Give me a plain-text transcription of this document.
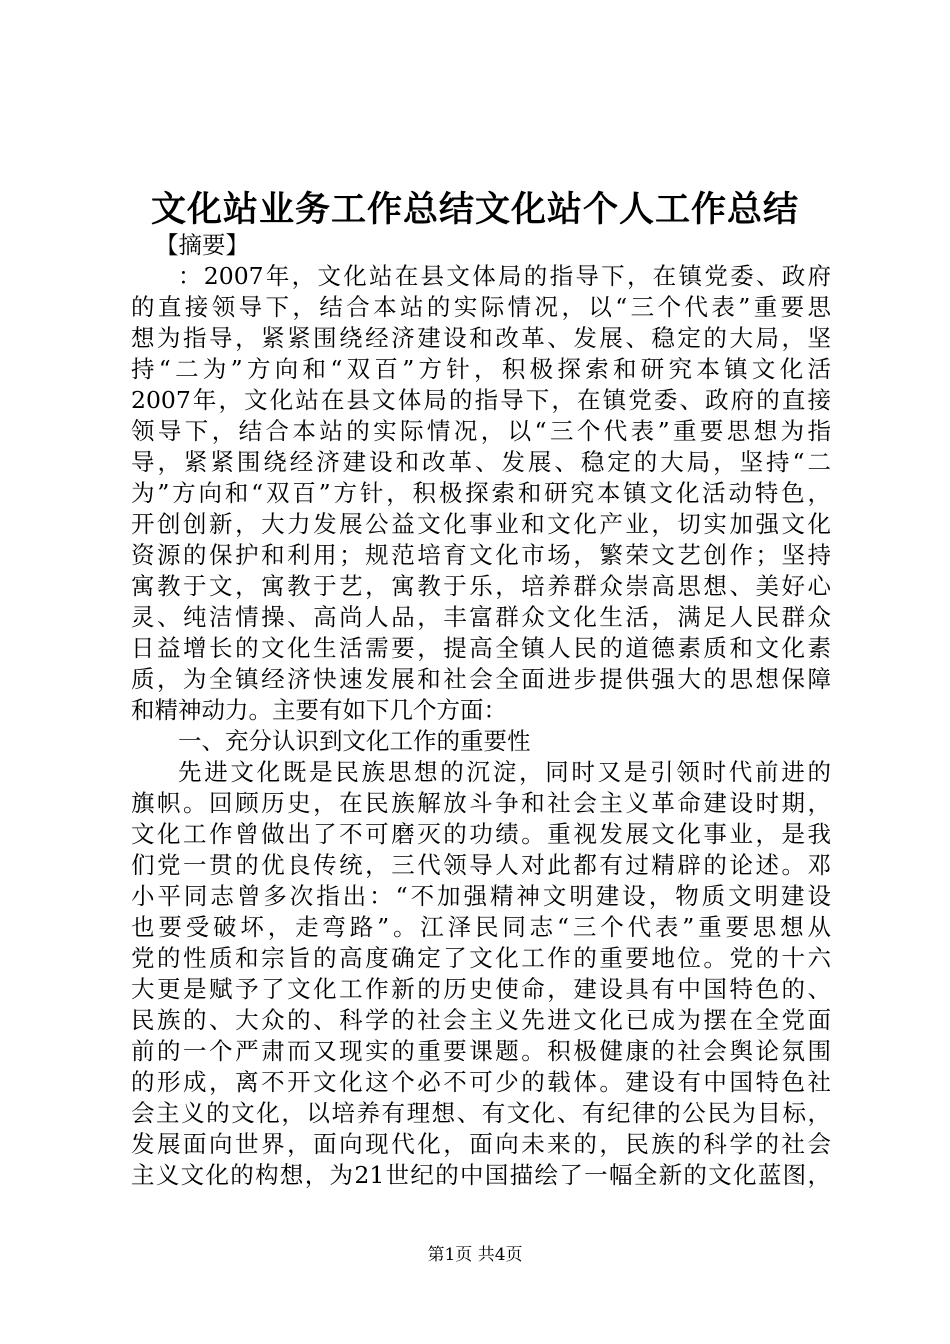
文化站业务工作总结文化站个人工作总结
【摘要】
：2007年，文化站在县文体局的指导下，在镇党委、政府
的直接领导下，结合本站的实际情况，以“三个代表”重要思
想为指导，紧紧围绕经济建设和改革、发展、稳定的大局，坚
持“二为”方向和“双百”方针，积极探索和研究本镇文化活
2007年，文化站在县文体局的指导下，在镇党委、政府的直接
领导下，结合本站的实际情况，以“三个代表”重要思想为指
导，紧紧围绕经济建设和改革、发展、稳定的大局，坚持“二
为”方向和“双百”方针，积极探索和研究本镇文化活动特色，
开创创新，大力发展公益文化事业和文化产业，切实加强文化
资源的保护和利用；规范培育文化市场，繁荣文艺创作；坚持
寓教于文，寓教于艺，寓教于乐，培养群众崇高思想、美好心
灵、纯洁情操、高尚人品，丰富群众文化生活，满足人民群众
日益增长的文化生活需要，提高全镇人民的道德素质和文化素
质，为全镇经济快速发展和社会全面进步提供强大的思想保障
和精神动力。主要有如下几个方面：
一、充分认识到文化工作的重要性
先进文化既是民族思想的沉淀，同时又是引领时代前进的
旗帜。回顾历史，在民族解放斗争和社会主义革命建设时期，
文化工作曾做出了不可磨灭的功绩。重视发展文化事业，是我
们党一贯的优良传统，三代领导人对此都有过精辟的论述。邓
小平同志曾多次指出：“不加强精神文明建设，物质文明建设
也要受破坏，走弯路”。江泽民同志“三个代表”重要思想从
党的性质和宗旨的高度确定了文化工作的重要地位。党的十六
大更是赋予了文化工作新的历史使命，建设具有中国特色的、
民族的、大众的、科学的社会主义先进文化已成为摆在全党面
前的一个严肃而又现实的重要课题。积极健康的社会舆论氛围
的形成，离不开文化这个必不可少的载体。建设有中国特色社
会主义的文化，以培养有理想、有文化、有纪律的公民为目标，
发展面向世界，面向现代化，面向未来的，民族的科学的社会
主义文化的构想，为21世纪的中国描绘了一幅全新的文化蓝图，
第1页 共4页
